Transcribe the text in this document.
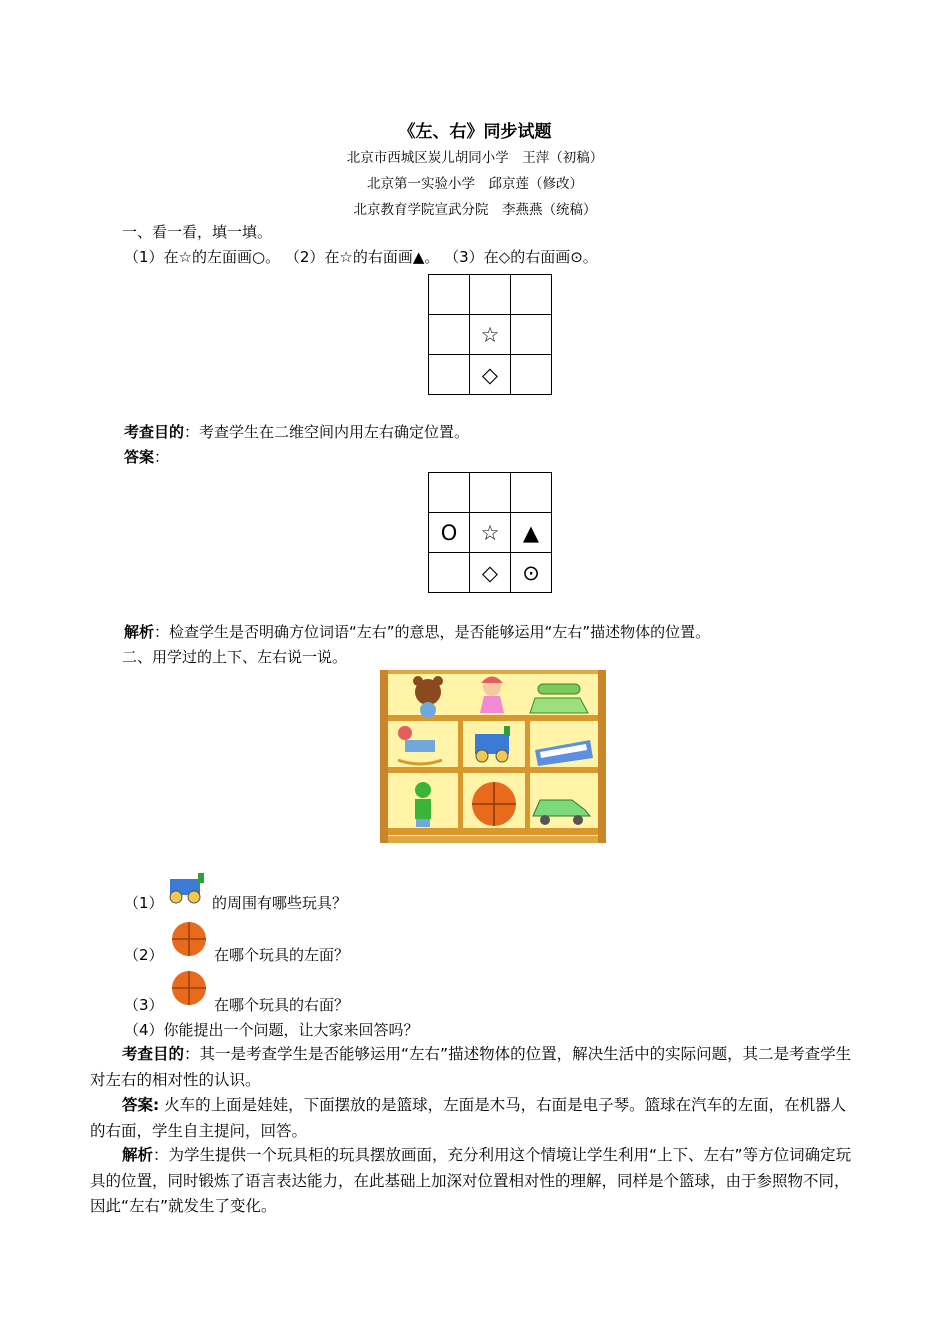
《左、右》同步试题
北京市西城区炭儿胡同小学　王萍（初稿）
北京第一实验小学　邱京莲（修改）
北京教育学院宣武分院　李燕燕（统稿）
一、看一看，填一填。
（1）在☆的左面画○。 （2）在☆的右面画▲。 （3）在◇的右面画⊙。

	☆	
	◇	
考查目的：考查学生在二维空间内用左右确定位置。
答案：

O	☆	▲
	◇	⊙
解析：检查学生是否明确方位词语“左右”的意思，是否能够运用“左右”描述物体的位置。
二、用学过的上下、左右说一说。
（1）	的周围有哪些玩具？
（2）	在哪个玩具的左面？
（3）	在哪个玩具的右面？
（4）你能提出一个问题，让大家来回答吗？
考查目的：其一是考查学生是否能够运用“左右”描述物体的位置，解决生活中的实际问题，其二是考查学生对左右的相对性的认识。
答案: 火车的上面是娃娃，下面摆放的是篮球，左面是木马，右面是电子琴。篮球在汽车的左面，在机器人的右面，学生自主提问，回答。
解析：为学生提供一个玩具柜的玩具摆放画面，充分利用这个情境让学生利用“上下、左右”等方位词确定玩具的位置，同时锻炼了语言表达能力，在此基础上加深对位置相对性的理解，同样是个篮球，由于参照物不同，因此“左右”就发生了变化。
